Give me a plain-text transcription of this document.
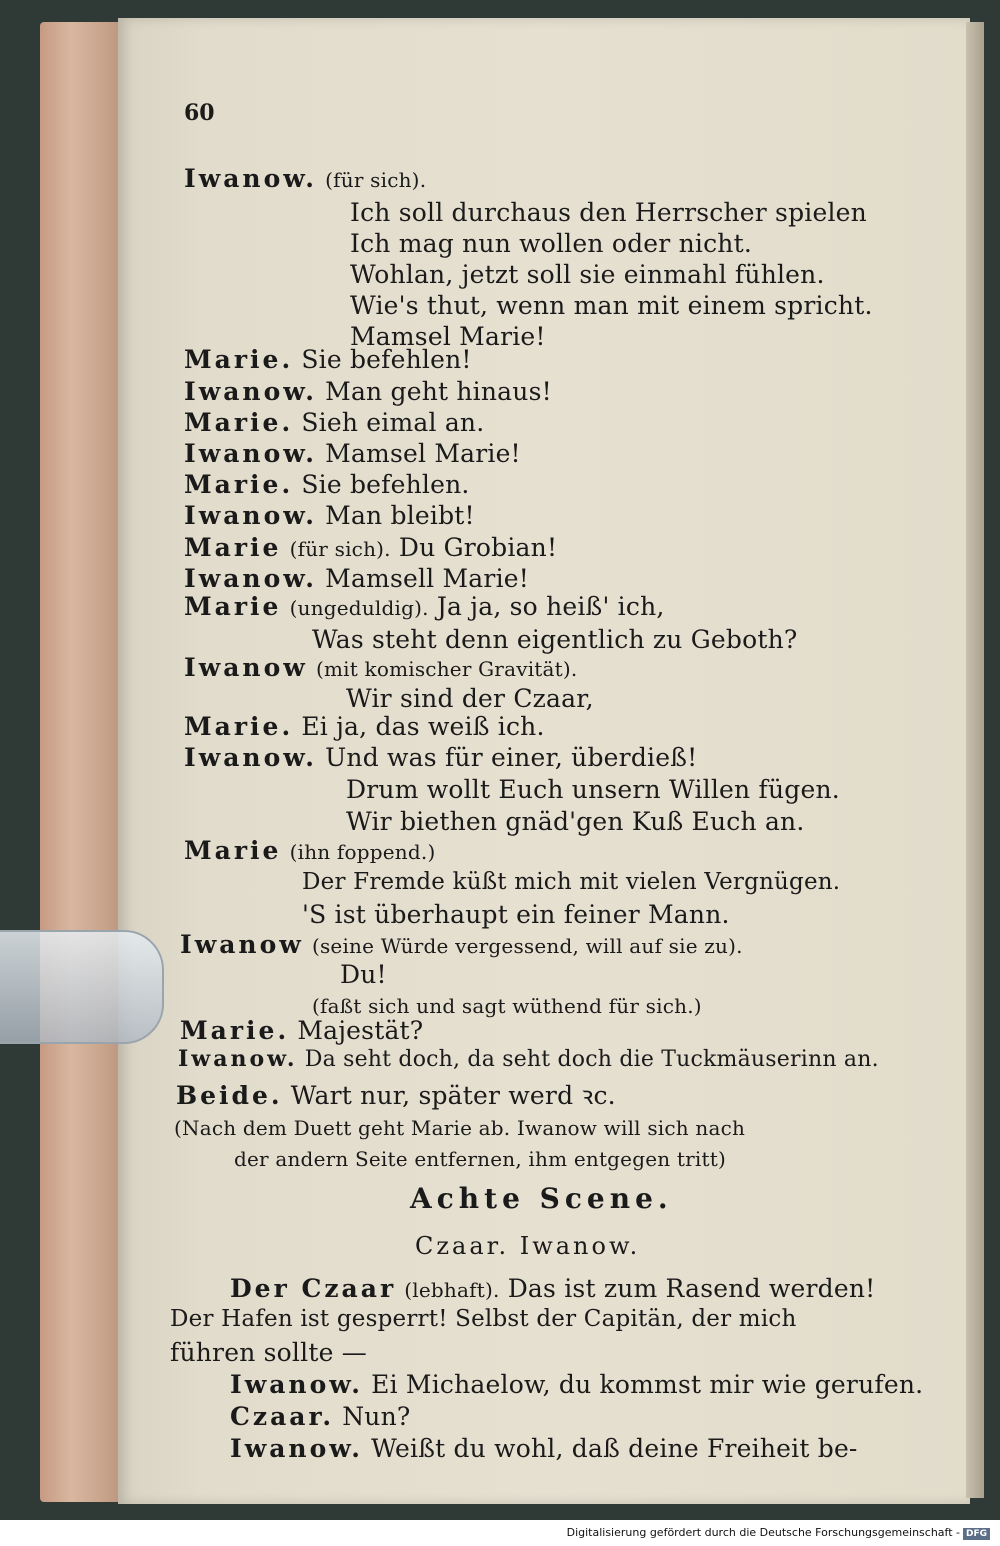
60
Iwanow. (für sich).
Ich soll durchaus den Herrscher spielen
Ich mag nun wollen oder nicht.
Wohlan, jetzt soll sie einmahl fühlen.
Wie's thut, wenn man mit einem spricht.
Mamsel Marie!
Marie. Sie befehlen!
Iwanow. Man geht hinaus!
Marie. Sieh eimal an.
Iwanow. Mamsel Marie!
Marie. Sie befehlen.
Iwanow. Man bleibt!
Marie (für sich). Du Grobian!
Iwanow. Mamsell Marie!
Marie (ungeduldig). Ja ja, so heiß' ich,
Was steht denn eigentlich zu Geboth?
Iwanow (mit komischer Gravität).
Wir sind der Czaar,
Marie. Ei ja, das weiß ich.
Iwanow. Und was für einer, überdieß!
Drum wollt Euch unsern Willen fügen.
Wir biethen gnäd'gen Kuß Euch an.
Marie (ihn foppend.)
Der Fremde küßt mich mit vielen Vergnügen.
'S ist überhaupt ein feiner Mann.
Iwanow (seine Würde vergessend, will auf sie zu).
Du!
(faßt sich und sagt wüthend für sich.)
Marie. Majestät?
Iwanow. Da seht doch, da seht doch die Tuckmäuserinn an.
Beide. Wart nur, später werd ꝛc.
(Nach dem Duett geht Marie ab. Iwanow will sich nach
der andern Seite entfernen, ihm entgegen tritt)
Achte Scene.
Czaar. Iwanow.
Der Czaar (lebhaft). Das ist zum Rasend werden!
Der Hafen ist gesperrt! Selbst der Capitän, der mich
führen sollte —
Iwanow. Ei Michaelow, du kommst mir wie gerufen.
Czaar. Nun?
Iwanow. Weißt du wohl, daß deine Freiheit be-
Digitalisierung gefördert durch die Deutsche Forschungsgemeinschaft - DFG
